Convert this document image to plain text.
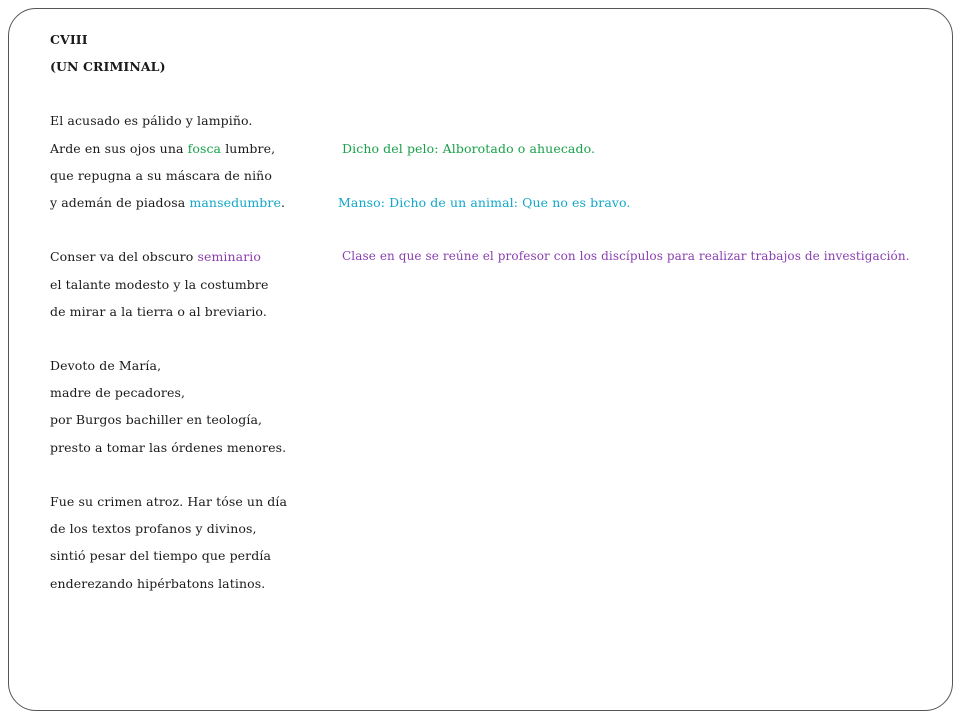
CVIII
(UN CRIMINAL)
El acusado es pálido y lampiño.
Arde en sus ojos una fosca lumbre,
que repugna a su máscara de niño
y ademán de piadosa mansedumbre.
Conser va del obscuro seminario
el talante modesto y la costumbre
de mirar a la tierra o al breviario.
Devoto de María,
madre de pecadores,
por Burgos bachiller en teología,
presto a tomar las órdenes menores.
Fue su crimen atroz. Har tóse un día
de los textos profanos y divinos,
sintió pesar del tiempo que perdía
enderezando hipérbatons latinos.
Dicho del pelo: Alborotado o ahuecado.
Manso: Dicho de un animal: Que no es bravo.
Clase en que se reúne el profesor con los discípulos para realizar trabajos de investigación.
